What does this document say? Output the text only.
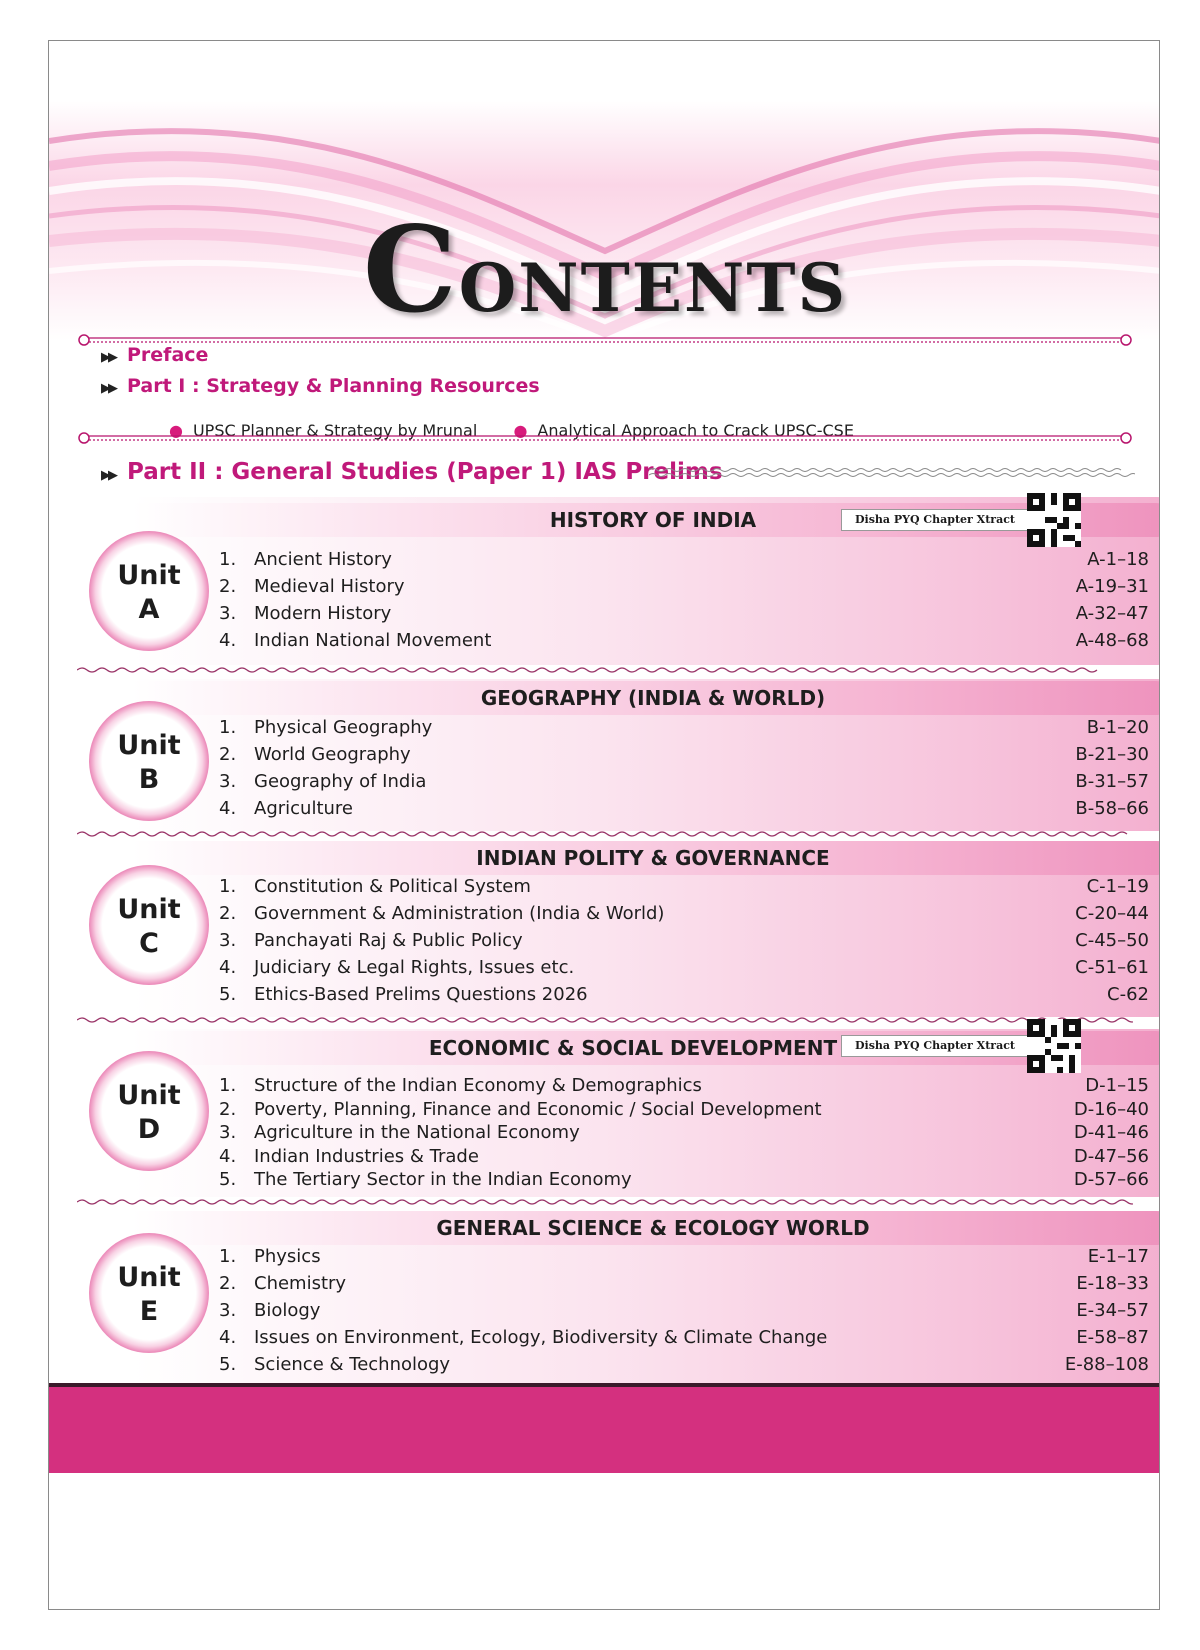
CONTENTS
▶▶ Preface
▶▶ Part I : Strategy & Planning Resources
● UPSC Planner & Strategy by Mrunal ● Analytical Approach to Crack UPSC-CSE
▶▶ Part II : General Studies (Paper 1) IAS Prelims
HISTORY OF INDIA	Disha PYQ Chapter Xtract
Unit
A
1. Ancient History	A-1–18
2. Medieval History	A-19–31
3. Modern History	A-32–47
4. Indian National Movement	A-48–68
GEOGRAPHY (INDIA & WORLD)
Unit
B
1. Physical Geography	B-1–20
2. World Geography	B-21–30
3. Geography of India	B-31–57
4. Agriculture	B-58–66
INDIAN POLITY & GOVERNANCE
Unit
C
1. Constitution & Political System	C-1–19
2. Government & Administration (India & World)	C-20–44
3. Panchayati Raj & Public Policy	C-45–50
4. Judiciary & Legal Rights, Issues etc.	C-51–61
5. Ethics-Based Prelims Questions 2026	C-62
ECONOMIC & SOCIAL DEVELOPMENT	Disha PYQ Chapter Xtract
Unit
D
1. Structure of the Indian Economy & Demographics	D-1–15
2. Poverty, Planning, Finance and Economic / Social Development	D-16–40
3. Agriculture in the National Economy	D-41–46
4. Indian Industries & Trade	D-47–56
5. The Tertiary Sector in the Indian Economy	D-57–66
GENERAL SCIENCE & ECOLOGY WORLD
Unit
E
1. Physics	E-1–17
2. Chemistry	E-18–33
3. Biology	E-34–57
4. Issues on Environment, Ecology, Biodiversity & Climate Change	E-58–87
5. Science & Technology	E-88–108
